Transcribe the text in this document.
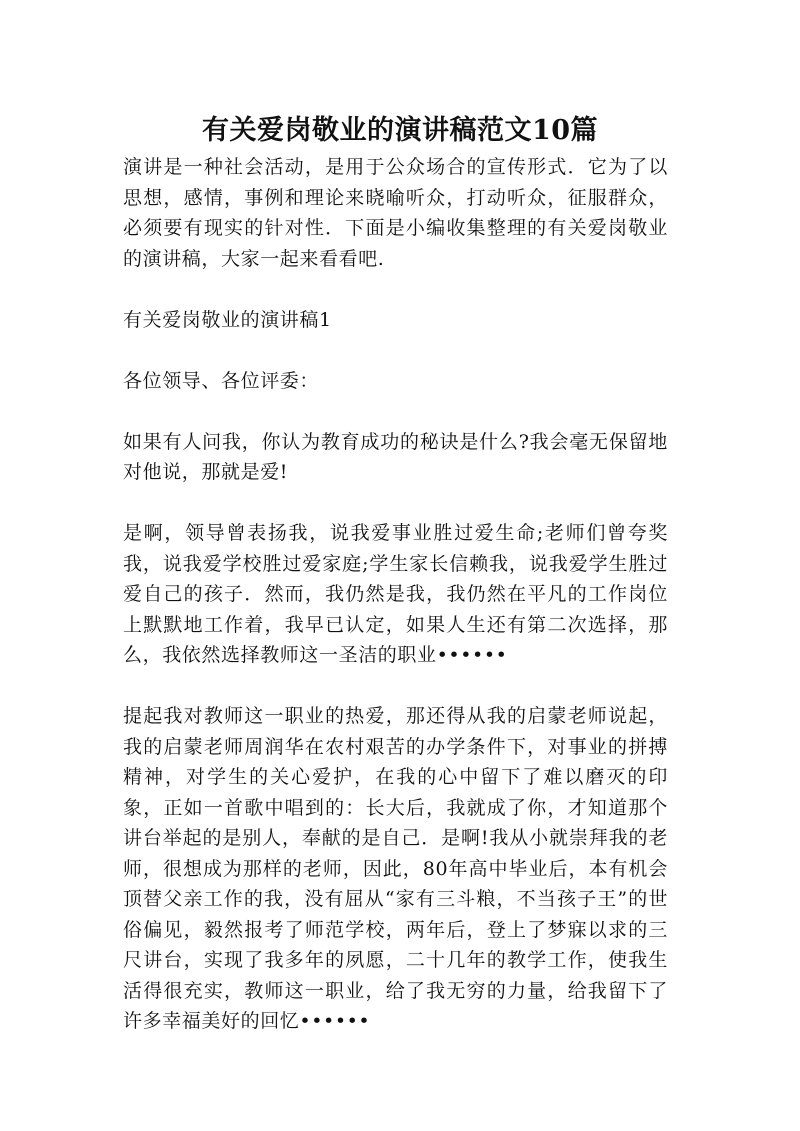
有关爱岗敬业的演讲稿范文10篇

演讲是一种社会活动，是用于公众场合的宣传形式．它为了以思想，感情，事例和理论来晓喻听众，打动听众，征服群众，必须要有现实的针对性．下面是小编收集整理的有关爱岗敬业的演讲稿，大家一起来看看吧.

有关爱岗敬业的演讲稿1

各位领导、各位评委：

如果有人问我，你认为教育成功的秘诀是什么?我会毫无保留地对他说，那就是爱!

是啊，领导曾表扬我，说我爱事业胜过爱生命;老师们曾夸奖我，说我爱学校胜过爱家庭;学生家长信赖我，说我爱学生胜过爱自己的孩子．然而，我仍然是我，我仍然在平凡的工作岗位上默默地工作着，我早已认定，如果人生还有第二次选择，那么，我依然选择教师这一圣洁的职业••••••

提起我对教师这一职业的热爱，那还得从我的启蒙老师说起，我的启蒙老师周润华在农村艰苦的办学条件下，对事业的拼搏精神，对学生的关心爱护，在我的心中留下了难以磨灭的印象，正如一首歌中唱到的：长大后，我就成了你，才知道那个讲台举起的是别人，奉献的是自己．是啊!我从小就崇拜我的老师，很想成为那样的老师，因此，80年高中毕业后，本有机会顶替父亲工作的我，没有屈从“家有三斗粮，不当孩子王”的世俗偏见，毅然报考了师范学校，两年后，登上了梦寐以求的三尺讲台，实现了我多年的夙愿，二十几年的教学工作，使我生活得很充实，教师这一职业，给了我无穷的力量，给我留下了许多幸福美好的回忆••••••
